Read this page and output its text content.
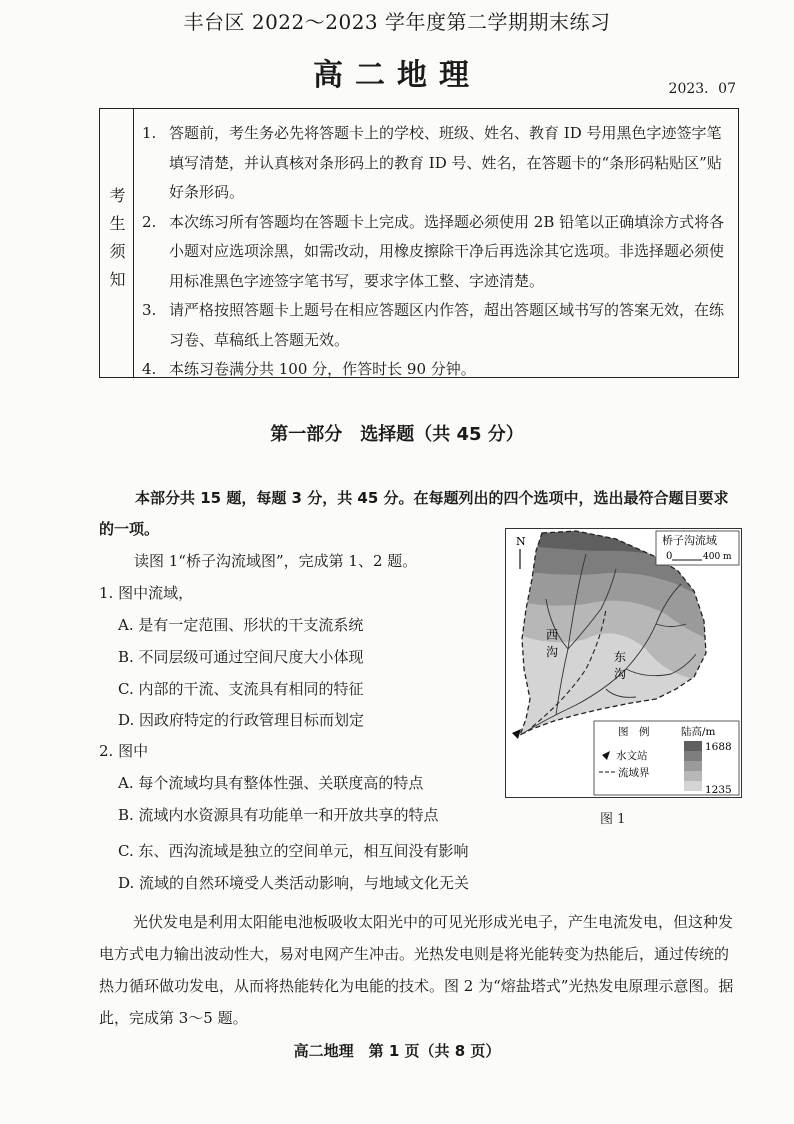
丰台区 2022～2023 学年度第二学期期末练习
高二地理	2023．07
考生须知
1. 答题前，考生务必先将答题卡上的学校、班级、姓名、教育 ID 号用黑色字迹签字笔填写清楚，并认真核对条形码上的教育 ID 号、姓名，在答题卡的“条形码粘贴区”贴好条形码。
2. 本次练习所有答题均在答题卡上完成。选择题必须使用 2B 铅笔以正确填涂方式将各小题对应选项涂黑，如需改动，用橡皮擦除干净后再选涂其它选项。非选择题必须使用标准黑色字迹签字笔书写，要求字体工整、字迹清楚。
3. 请严格按照答题卡上题号在相应答题区内作答，超出答题区域书写的答案无效，在练习卷、草稿纸上答题无效。
4. 本练习卷满分共 100 分，作答时长 90 分钟。
第一部分　选择题（共 45 分）
本部分共 15 题，每题 3 分，共 45 分。在每题列出的四个选项中，选出最符合题目要求的一项。
读图 1“桥子沟流域图”，完成第 1、2 题。
1. 图中流域，
A. 是有一定范围、形状的干支流系统
B. 不同层级可通过空间尺度大小体现
C. 内部的干流、支流具有相同的特征
D. 因政府特定的行政管理目标而划定
2. 图中
A. 每个流域均具有整体性强、关联度高的特点
B. 流域内水资源具有功能单一和开放共享的特点
C. 东、西沟流域是独立的空间单元，相互间没有影响
D. 流域的自然环境受人类活动影响，与地域文化无关
N	桥子沟流域
0	400 m
西
沟	东
沟
图　例	陆高/m
水文站
流域界
1688
1235
图 1
光伏发电是利用太阳能电池板吸收太阳光中的可见光形成光电子，产生电流发电，但这种发电方式电力输出波动性大，易对电网产生冲击。光热发电则是将光能转变为热能后，通过传统的热力循环做功发电，从而将热能转化为电能的技术。图 2 为“熔盐塔式”光热发电原理示意图。据此，完成第 3～5 题。
高二地理　第 1 页（共 8 页）
